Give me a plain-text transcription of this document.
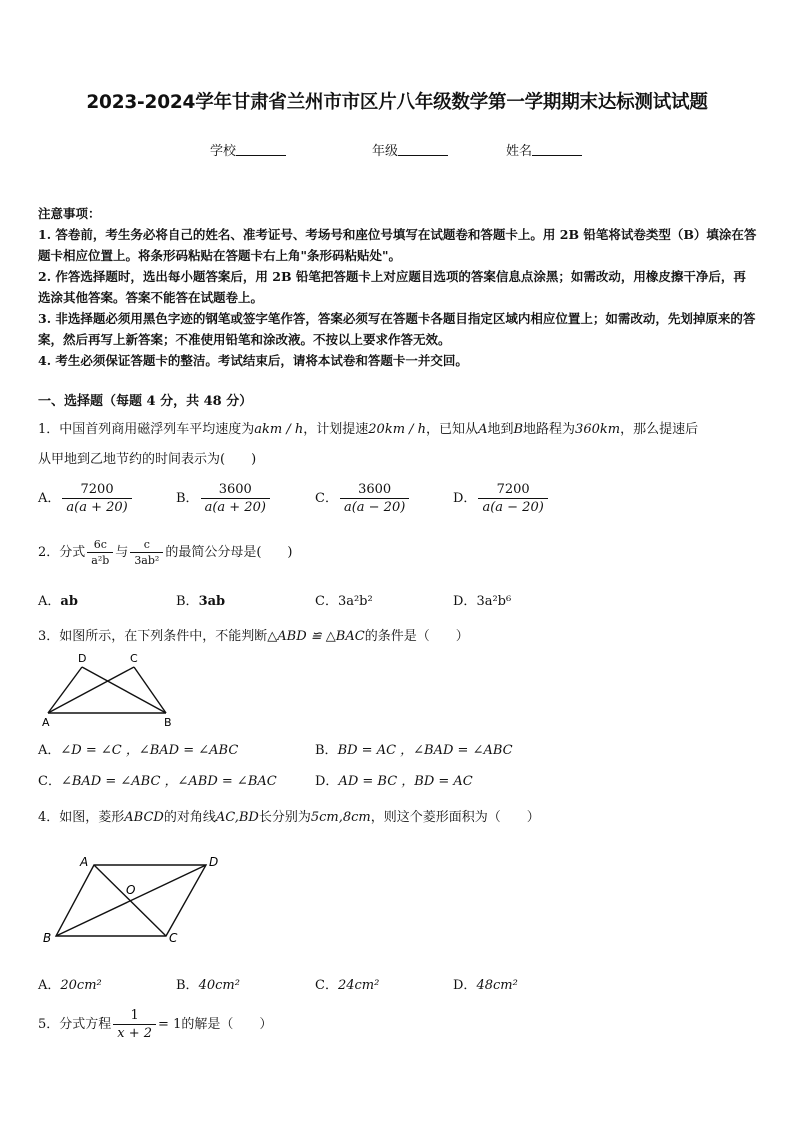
2023-2024学年甘肃省兰州市市区片八年级数学第一学期期末达标测试试题
学校	年级	姓名
注意事项：
1. 答卷前，考生务必将自己的姓名、准考证号、考场号和座位号填写在试题卷和答题卡上。用 2B 铅笔将试卷类型（B）填涂在答题卡相应位置上。将条形码粘贴在答题卡右上角"条形码粘贴处"。
2. 作答选择题时，选出每小题答案后，用 2B 铅笔把答题卡上对应题目选项的答案信息点涂黑；如需改动，用橡皮擦干净后，再选涂其他答案。答案不能答在试题卷上。
3. 非选择题必须用黑色字迹的钢笔或签字笔作答，答案必须写在答题卡各题目指定区域内相应位置上；如需改动，先划掉原来的答案，然后再写上新答案；不准使用铅笔和涂改液。不按以上要求作答无效。
4. 考生必须保证答题卡的整洁。考试结束后，请将本试卷和答题卡一并交回。
一、选择题（每题 4 分，共 48 分）
1．中国首列商用磁浮列车平均速度为akm / h，计划提速20km / h，已知从A地到B地路程为360km，那么提速后
从甲地到乙地节约的时间表示为(　　)
A． $\frac{7200}{a(a + 20)}$	B． $\frac{3600}{a(a + 20)}$	C． $\frac{3600}{a(a - 20)}$	D． $\frac{7200}{a(a - 20)}$
2．分式 $\frac{6c}{\text{a²b}}$ 与 $\frac{c}{\text{3ab²}}$ 的最简公分母是(　　)
A．ab	B．3ab	C．3a²b²	D．3a²b⁶
3．如图所示，在下列条件中，不能判断△ABD ≌ △BAC的条件是（　　）
D	C
A	B
A．∠D = ∠C ，∠BAD = ∠ABC	B．BD = AC ，∠BAD = ∠ABC
C．∠BAD = ∠ABC ，∠ABD = ∠BAC	D．AD = BC ，BD = AC
4．如图，菱形ABCD的对角线AC,BD长分别为5cm,8cm，则这个菱形面积为（　　）
A	D
O
B	C
A．20cm²	B．40cm²	C．24cm²	D．48cm²
5．分式方程 $\frac{1}{x + 2} = 1$的解是（　　）
